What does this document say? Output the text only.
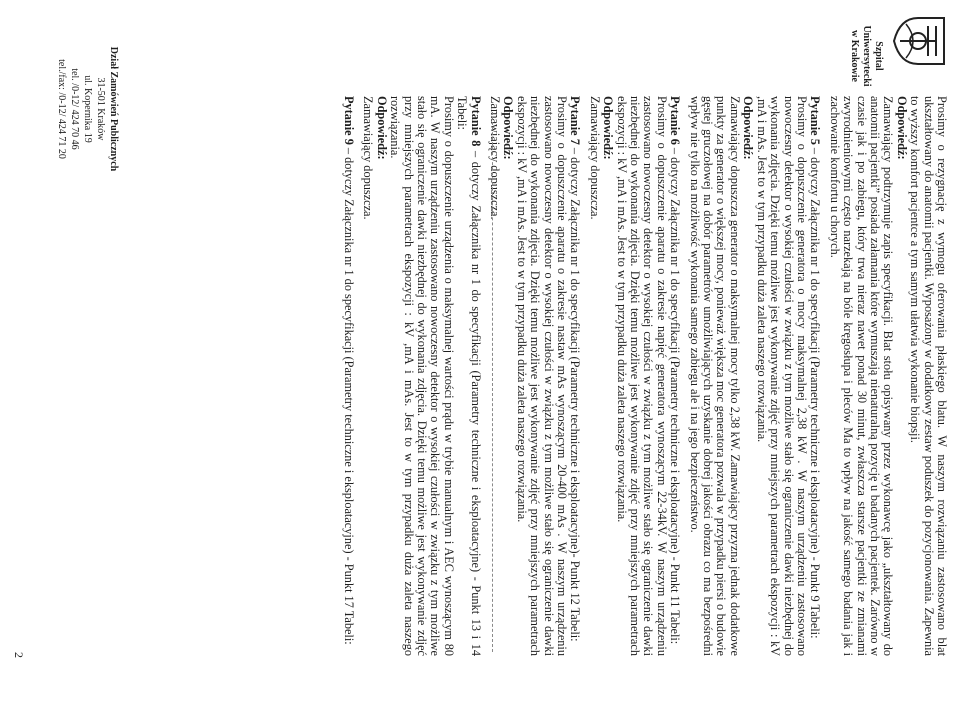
Szpital
Uniwersytecki
w Krakowie

Prosimy o rezygnację z wymogu oferowania płaskiego blatu. W naszym rozwiązaniu zastosowano blat ukształtowany do anatomii pacjentki. Wyposażony w dodatkowy zestaw poduszek do pozycjonowania. Zapewnia to wyższy komfort pacjentce a tym samym ułatwia wykonanie biopsji.

Odpowiedź:

Zamawiający podtrzymuje zapis specyfikacji. Blat stołu opisywany przez wykonawcę jako „ukształtowany do anatomii pacjentki” posiada załamania które wymuszają nienaturalną pozycję u badanych pacjentek. Zarówno w czasie jak i po zabiegu, który trwa nieraz nawet ponad 30 minut, zwłaszcza starsze pacjentki ze zmianami zwyrodnieniowymi często narzekają na bóle kręgosłupa i pleców Ma to wpływ na jakość samego badania jak i zachowanie komfortu u chorych.

Pytanie 5 – dotyczy Załącznika nr 1 do specyfikacji (Parametry techniczne i eksploatacyjne) - Punkt 9 Tabeli:

Prosimy o dopuszczenie generatora o mocy maksymalnej 2,38 kW . W naszym urządzeniu zastosowano nowoczesny detektor o wysokiej czułości w związku z tym możliwe stało się ograniczenie dawki niezbędnej do wykonania zdjęcia. Dzięki temu możliwe jest wykonywanie zdjęć przy mniejszych parametrach ekspozycji : kV ,mA i mAs. Jest to w tym przypadku duża zaleta naszego rozwiązania.

Odpowiedź:

Zamawiający dopuszcza generator o maksymalnej mocy tylko 2,38 kW. Zamawiający przyzna jednak dodatkowe punkty za generator o większej mocy, ponieważ większa moc generatora pozwala w przypadku piersi o budowie gęstej gruczołowej na dobór parametrów umożliwiających uzyskanie dobrej jakości obrazu co ma bezpośredni wpływ nie tylko na możliwość wykonania samego zabiegu ale i na jego bezpieczeństwo.

Pytanie 6 – dotyczy Załącznika nr 1 do specyfikacji (Parametry techniczne i eksploatacyjne) - Punkt 11 Tabeli:

Prosimy o dopuszczenie aparatu o zakresie napięć generatora wynoszącym 22-34kV. W naszym urządzeniu zastosowano nowoczesny detektor o wysokiej czułości w związku z tym możliwe stało się ograniczenie dawki niezbędnej do wykonania zdjęcia. Dzięki temu możliwe jest wykonywanie zdjęć przy mniejszych parametrach ekspozycji : kV ,mA i mAs. Jest to w tym przypadku duża zaleta naszego rozwiązania.

Odpowiedź:

Zamawiający dopuszcza.

Pytanie 7 – dotyczy Załącznika nr 1 do specyfikacji (Parametry techniczne i eksploatacyjne)- Punkt 12 Tabeli:

Prosimy o dopuszczenie aparatu o zakresie nastaw mAs wynoszącym 20-400 mAs . W naszym urządzeniu zastosowano nowoczesny detektor o wysokiej czułości w związku z tym możliwe stało się ograniczenie dawki niezbędnej do wykonania zdjęcia. Dzięki temu możliwe jest wykonywanie zdjęć przy mniejszych parametrach ekspozycji : kV ,mA i mAs. Jest to w tym przypadku duża zaleta naszego rozwiązania.

Odpowiedź:

Zamawiający dopuszcza.

Pytanie 8 – dotyczy Załącznika nr 1 do specyfikacji (Parametry techniczne i eksploatacyjne) - Punkt 13 i 14 Tabeli:

Prosimy o dopuszczenie urządzenia o maksymalnej wartości prądu w trybie manualnym i AEC wynoszącym 80 mA. W naszym urządzeniu zastosowano nowoczesny detektor o wysokiej czułości w związku z tym możliwe stało się ograniczenie dawki niezbędnej do wykonania zdjęcia. Dzięki temu możliwe jest wykonywanie zdjęć przy mniejszych parametrach ekspozycji : kV ,mA i mAs. Jest to w tym przypadku duża zaleta naszego rozwiązania.

Odpowiedź:

Zamawiający dopuszcza.

Pytanie 9 – dotyczy Załącznika nr 1 do specyfikacji (Parametry techniczne i eksploatacyjne) - Punkt 17 Tabeli:

Dział Zamówień Publicznych
31-501 Kraków
ul. Kopernika 19
tel. /0-12/ 424 70 46
tel./fax: /0-12/ 424 71 20
2
